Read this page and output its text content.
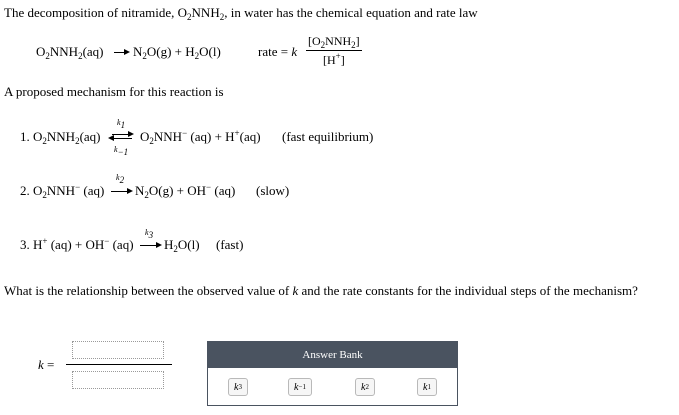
The decomposition of nitramide, $O_2NNH_2$, in water has the chemical equation and rate law
$O_2NNH_2(aq) N_2O(g) + H_2O(l)$	rate = k
$[O_2NNH_2]$
[H+]
A proposed mechanism for this reaction is
1. $O_2NNH_2(aq)$
$k_1$
$k_{-1}$
$O_2NNH^-$ (aq) + H+(aq) (fast equilibrium)
2. $O_2NNH^-$ (aq)
$k_2$
$N_2O(g) + OH^-$ (aq) (slow)
3. H+ (aq) + OH− (aq)
$k_3$
$H_2O(l)$ (fast)
What is the relationship between the observed value of k and the rate constants for the individual steps of the mechanism?
k =
Answer Bank
k 3	k −1	k 2	k 1
